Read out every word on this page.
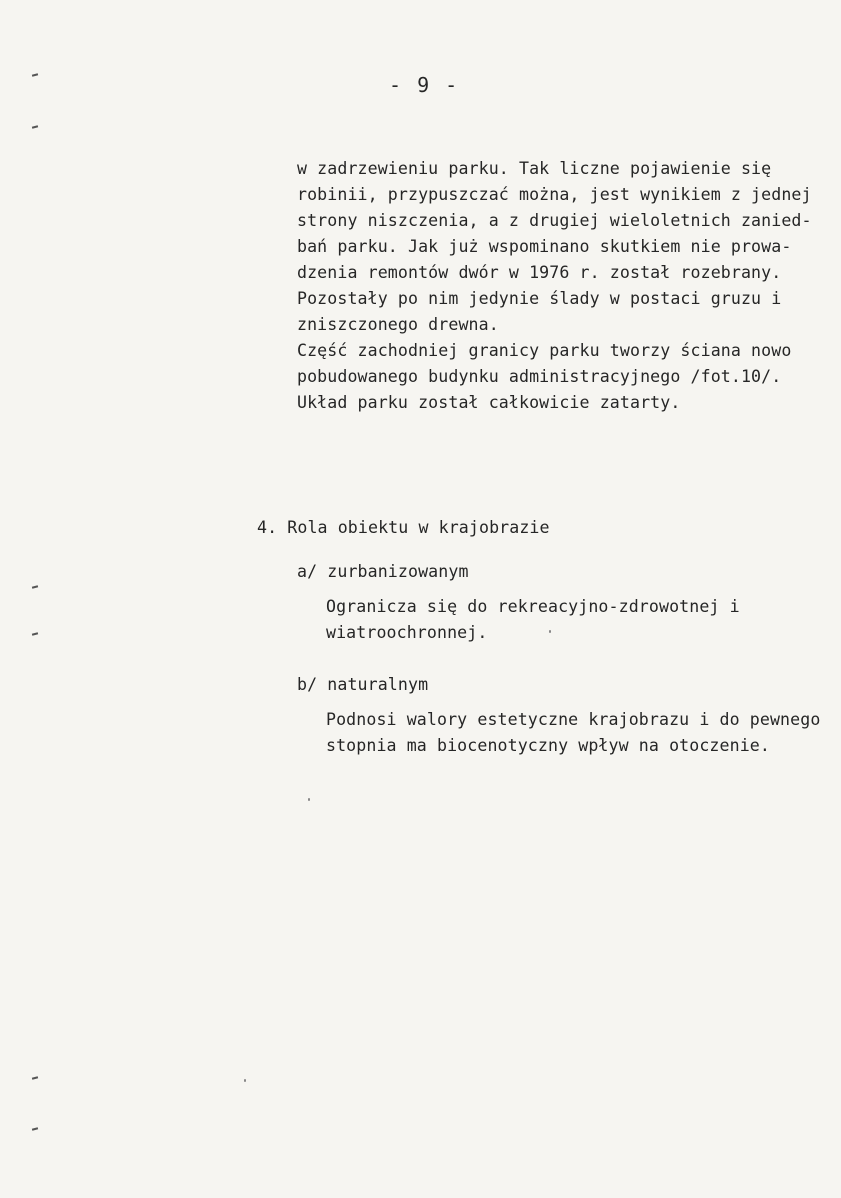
- 9 -
w zadrzewieniu parku. Tak liczne pojawienie się
robinii, przypuszczać można, jest wynikiem z jednej
strony niszczenia, a z drugiej wieloletnich zanied-
bań parku. Jak już wspominano skutkiem nie prowa-
dzenia remontów dwór w 1976 r. został rozebrany.
Pozostały po nim jedynie ślady w postaci gruzu i
zniszczonego drewna.
Część zachodniej granicy parku tworzy ściana nowo
pobudowanego budynku administracyjnego /fot.10/.
Układ parku został całkowicie zatarty.
4. Rola obiektu w krajobrazie
a/ zurbanizowanym
Ogranicza się do rekreacyjno-zdrowotnej i
wiatroochronnej.
b/ naturalnym
Podnosi walory estetyczne krajobrazu i do pewnego
stopnia ma biocenotyczny wpływ na otoczenie.
